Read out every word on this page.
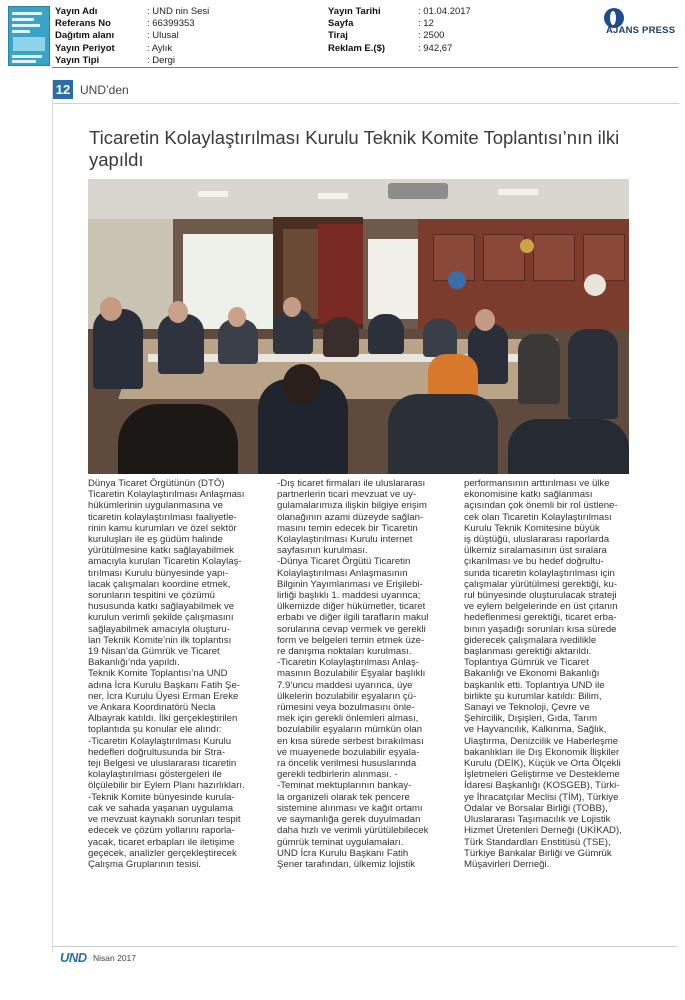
Yayın Adı	: UND nin Sesi
Referans No	: 66399353
Dağıtım alanı	: Ulusal
Yayın Periyot	: Aylık
Yayın Tipi	: Dergi
Yayın Tarihi	: 01.04.2017
Sayfa	: 12
Tiraj	: 2500
Reklam E.($)	: 942,67
AJANS PRESS
12 UND’den
Ticaretin Kolaylaştırılması Kurulu Teknik Komite Toplantısı’nın ilki yapıldı
Dünya Ticaret Örgütünün (DTÖ)
Ticaretin Kolaylaştırılması Anlaşması
hükümlerinin uygulanmasına ve
ticaretin kolaylaştırılması faaliyetle-
rinin kamu kurumları ve özel sektör
kuruluşları ile eş güdüm halinde
yürütülmesine katkı sağlayabilmek
amacıyla kurulan Ticaretin Kolaylaş-
tırılması Kurulu bünyesinde yapı-
lacak çalışmaları koordine etmek,
sorunların tespitini ve çözümü
hususunda katkı sağlayabilmek ve
kurulun verimli şekilde çalışmasını
sağlayabilmek amacıyla oluşturu-
lan Teknik Komite’nin ilk toplantısı
19 Nisan’da Gümrük ve Ticaret
Bakanlığı’nda yapıldı.
Teknik Komite Toplantısı’na UND
adına İcra Kurulu Başkanı Fatih Şe-
ner, İcra Kurulu Üyesi Erman Ereke
ve Ankara Koordinatörü Necla
Albayrak katıldı. İlki gerçekleştirilen
toplantıda şu konular ele alındı:
-Ticaretin Kolaylaştırılması Kurulu
hedefleri doğrultusunda bir Stra-
tejı Belgesi ve uluslararası ticaretin
kolaylaştırılması göstergeleri ile
ölçülebilir bir Eylem Planı hazırlıkları.
-Teknik Komite bünyesinde kurula-
cak ve sahada yaşanan uygulama
ve mevzuat kaynaklı sorunları tespit
edecek ve çözüm yollarını raporla-
yacak, ticaret erbapları ile iletişime
geçecek, analizler gerçekleştirecek
Çalışma Gruplarının tesisi.
-Dış ticaret firmaları ile uluslararası
partnerlerin ticari mevzuat ve uy-
gulamalarımıza ilişkin bilgiye erişim
olanağının azami düzeyde sağlan-
masını temin edecek bir Ticaretin
Kolaylaştırılması Kurulu internet
sayfasının kurulması.
-Dünya Ticaret Örgütü Ticaretin
Kolaylaştırılması Anlaşmasının
Bilginin Yayımlanması ve Erişilebi-
lirliği başlıklı 1. maddesi uyarınca;
ülkemizde diğer hükümetler, ticaret
erbabı ve diğer ilgili tarafların makul
sorularına cevap vermek ve gerekli
form ve belgeleri temin etmek üze-
re danışma noktaları kurulması.
-Ticaretin Kolaylaştırılması Anlaş-
masının Bozulabilir Eşyalar başlıklı
7.9’uncu maddesi uyarınca, üye
ülkelerin bozulabilir eşyaların çü-
rümesini veya bozulmasını önle-
mek için gerekli önlemleri alması,
bozulabilir eşyaların mümkün olan
en kısa sürede serbest bırakılması
ve muayenede bozulabilir eşyala-
ra öncelik verilmesi hususlarında
gerekli tedbirlerin alınması. -
-Teminat mektuplarının bankay-
la organizeli olarak tek pencere
sistemine alınması ve kağıt ortamı
ve saymanlığa gerek duyulmadan
daha hızlı ve verimli yürütülebilecek
gümrük teminat uygulamaları.
UND İcra Kurulu Başkanı Fatih
Şener tarafından, ülkemiz lojistik
performansının arttırılması ve ülke
ekonomisine katkı sağlanması
açısından çok önemli bir rol üstlene-
cek olan Ticaretin Kolaylaştırılması
Kurulu Teknik Komitesine büyük
iş düştüğü, uluslararası raporlarda
ülkemiz sıralamasının üst sıralara
çıkarılması ve bu hedef doğrultu-
sunda ticaretin kolaylaştırılması için
çalışmalar yürütülmesi gerektiği, ku-
rul bünyesinde oluşturulacak strateji
ve eylem belgelerinde en üst çıtanın
hedeflenmesi gerektiği, ticaret erba-
bının yaşadığı sorunları kısa sürede
giderecek çalışmalara ivedilikle
başlanması gerektiği aktarıldı.
Toplantıya Gümrük ve Ticaret
Bakanlığı ve Ekonomi Bakanlığı
başkanlık etti. Toplantıya UND ile
birlikte şu kurumlar katıldı: Bilim,
Sanayi ve Teknoloji, Çevre ve
Şehircilik, Dışişleri, Gıda, Tarım
ve Hayvancılık, Kalkınma, Sağlık,
Ulaştırma, Denizcilik ve Haberleşme
bakanlıkları ile Dış Ekonomik İlişkiler
Kurulu (DEİK), Küçük ve Orta Ölçekli
İşletmeleri Geliştirme ve Destekleme
İdaresi Başkanlığı (KOSGEB), Türki-
ye İhracatçılar Meclisi (TİM), Türkiye
Odalar ve Borsalar Birliği (TOBB),
Uluslararası Taşımacılık ve Lojistik
Hizmet Üretenleri Derneği (UKİKAD),
Türk Standardları Enstitüsü (TSE),
Türkiye Bankalar Birliği ve Gümrük
Müşavirleri Derneği.
UND Nisan 2017
